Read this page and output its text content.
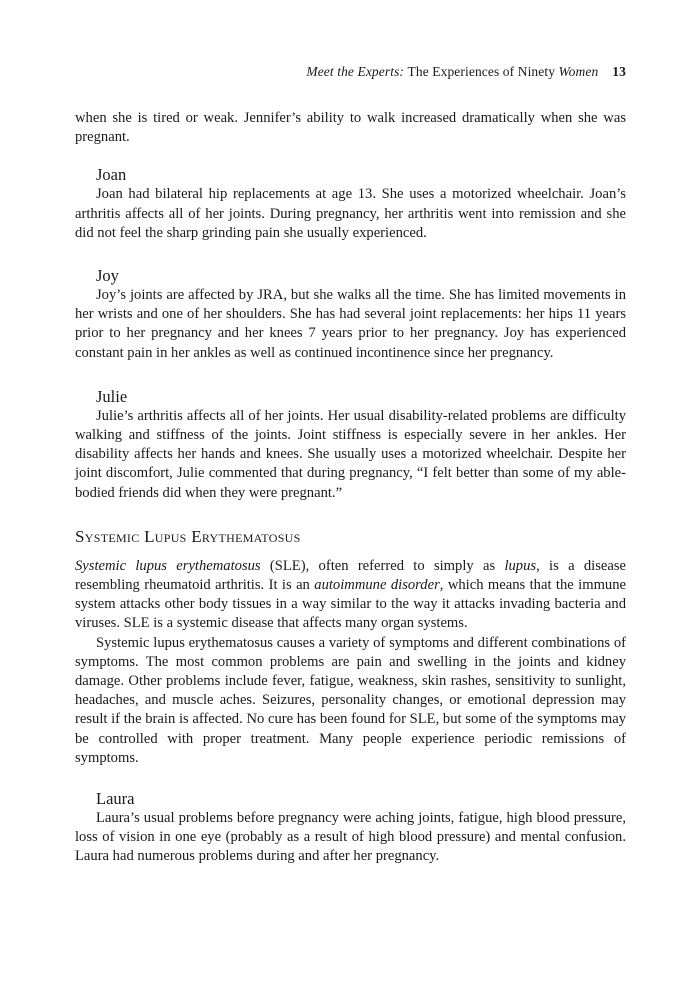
Meet the Experts: The Experiences of Ninety Women 13

when she is tired or weak. Jennifer’s ability to walk increased dramatically when she was pregnant.

Joan

Joan had bilateral hip replacements at age 13. She uses a motorized wheelchair. Joan’s arthritis affects all of her joints. During pregnancy, her arthritis went into remission and she did not feel the sharp grinding pain she usually experienced.

Joy

Joy’s joints are affected by JRA, but she walks all the time. She has limited movements in her wrists and one of her shoulders. She has had several joint replacements: her hips 11 years prior to her pregnancy and her knees 7 years prior to her pregnancy. Joy has experienced constant pain in her ankles as well as continued incontinence since her pregnancy.

Julie

Julie’s arthritis affects all of her joints. Her usual disability-related problems are difficulty walking and stiffness of the joints. Joint stiffness is especially severe in her ankles. Her disability affects her hands and knees. She usually uses a motorized wheelchair. Despite her joint discomfort, Julie commented that during pregnancy, “I felt better than some of my able-bodied friends did when they were pregnant.”

Systemic Lupus Erythematosus

Systemic lupus erythematosus (SLE), often referred to simply as lupus, is a disease resembling rheumatoid arthritis. It is an autoimmune disorder, which means that the immune system attacks other body tissues in a way similar to the way it attacks invading bacteria and viruses. SLE is a systemic disease that affects many organ systems.

Systemic lupus erythematosus causes a variety of symptoms and different combinations of symptoms. The most common problems are pain and swelling in the joints and kidney damage. Other problems include fever, fatigue, weakness, skin rashes, sensitivity to sunlight, headaches, and muscle aches. Seizures, personality changes, or emotional depression may result if the brain is affected. No cure has been found for SLE, but some of the symptoms may be controlled with proper treatment. Many people experience periodic remissions of symptoms.

Laura

Laura’s usual problems before pregnancy were aching joints, fatigue, high blood pressure, loss of vision in one eye (probably as a result of high blood pressure) and mental confusion. Laura had numerous problems during and after her pregnancy.
